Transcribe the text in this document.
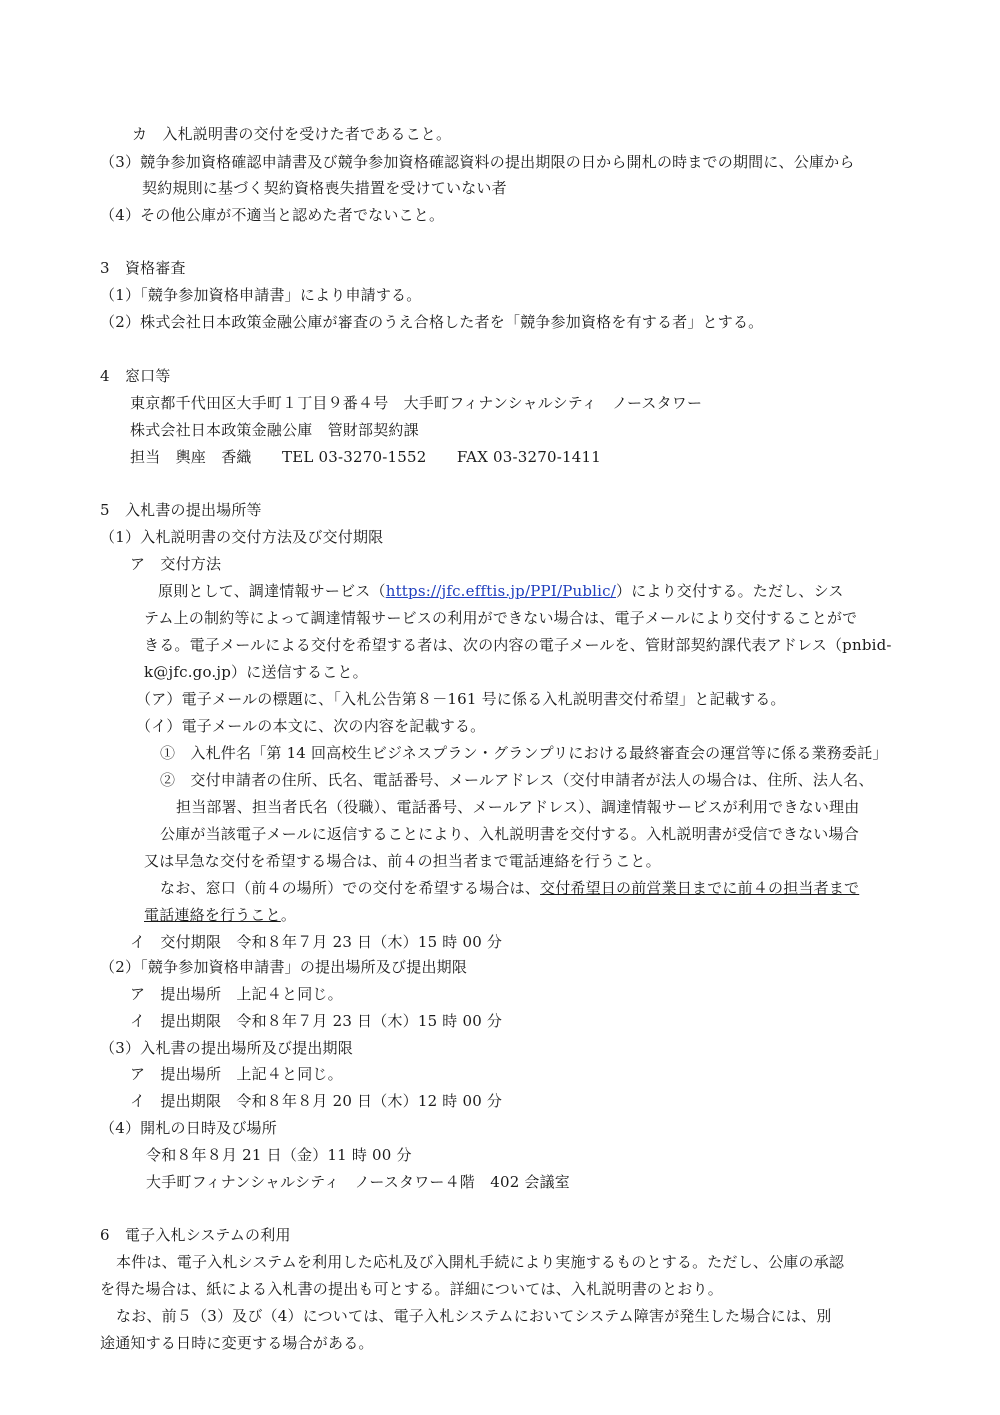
カ　入札説明書の交付を受けた者であること。
（3）競争参加資格確認申請書及び競争参加資格確認資料の提出期限の日から開札の時までの期間に、公庫から
契約規則に基づく契約資格喪失措置を受けていない者
（4）その他公庫が不適当と認めた者でないこと。
3　資格審査
（1）「競争参加資格申請書」により申請する。
（2）株式会社日本政策金融公庫が審査のうえ合格した者を「競争参加資格を有する者」とする。
4　窓口等
東京都千代田区大手町１丁目９番４号　大手町フィナンシャルシティ　ノースタワー
株式会社日本政策金融公庫　管財部契約課
担当　輿座　香織　　TEL 03-3270-1552　　FAX 03-3270-1411
5　入札書の提出場所等
（1）入札説明書の交付方法及び交付期限
ア　交付方法
原則として、調達情報サービス（https://jfc.efftis.jp/PPI/Public/）により交付する。ただし、シス
テム上の制約等によって調達情報サービスの利用ができない場合は、電子メールにより交付することがで
きる。電子メールによる交付を希望する者は、次の内容の電子メールを、管財部契約課代表アドレス（pnbid-
k@jfc.go.jp）に送信すること。
（ア）電子メールの標題に、「入札公告第８－161 号に係る入札説明書交付希望」と記載する。
（イ）電子メールの本文に、次の内容を記載する。
①　入札件名「第 14 回高校生ビジネスプラン・グランプリにおける最終審査会の運営等に係る業務委託」
②　交付申請者の住所、氏名、電話番号、メールアドレス（交付申請者が法人の場合は、住所、法人名、
担当部署、担当者氏名（役職）、電話番号、メールアドレス）、調達情報サービスが利用できない理由
公庫が当該電子メールに返信することにより、入札説明書を交付する。入札説明書が受信できない場合
又は早急な交付を希望する場合は、前４の担当者まで電話連絡を行うこと。
なお、窓口（前４の場所）での交付を希望する場合は、交付希望日の前営業日までに前４の担当者まで
電話連絡を行うこと。
イ　交付期限　令和８年７月 23 日（木）15 時 00 分
（2）「競争参加資格申請書」の提出場所及び提出期限
ア　提出場所　上記４と同じ。
イ　提出期限　令和８年７月 23 日（木）15 時 00 分
（3）入札書の提出場所及び提出期限
ア　提出場所　上記４と同じ。
イ　提出期限　令和８年８月 20 日（木）12 時 00 分
（4）開札の日時及び場所
令和８年８月 21 日（金）11 時 00 分
大手町フィナンシャルシティ　ノースタワー４階　402 会議室
6　電子入札システムの利用
本件は、電子入札システムを利用した応札及び入開札手続により実施するものとする。ただし、公庫の承認
を得た場合は、紙による入札書の提出も可とする。詳細については、入札説明書のとおり。
なお、前５（3）及び（4）については、電子入札システムにおいてシステム障害が発生した場合には、別
途通知する日時に変更する場合がある。
